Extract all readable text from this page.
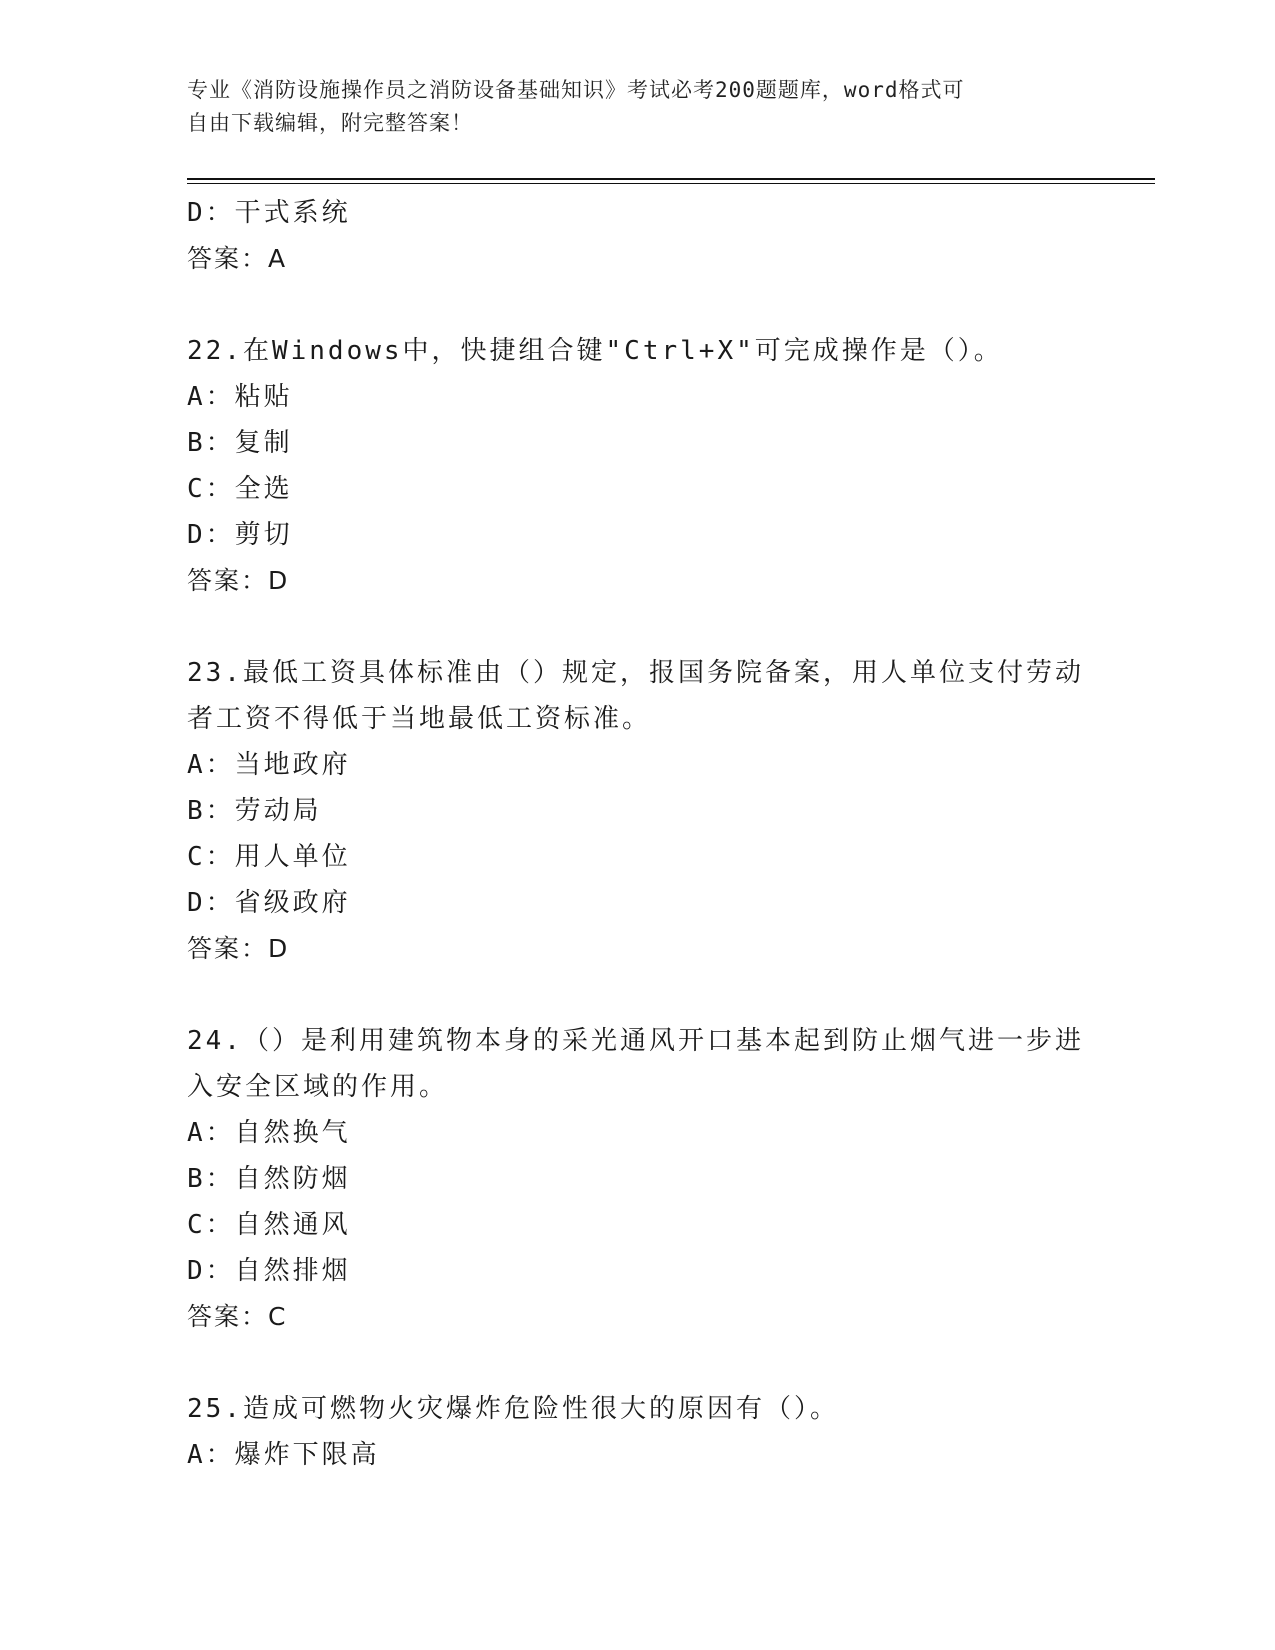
专业《消防设施操作员之消防设备基础知识》考试必考200题题库，word格式可
自由下载编辑，附完整答案！
D：干式系统
答案：A
22.在Windows中，快捷组合键"Ctrl+X"可完成操作是（）。
A：粘贴
B：复制
C：全选
D：剪切
答案：D
23.最低工资具体标准由（）规定，报国务院备案，用人单位支付劳动
者工资不得低于当地最低工资标准。
A：当地政府
B：劳动局
C：用人单位
D：省级政府
答案：D
24.（）是利用建筑物本身的采光通风开口基本起到防止烟气进一步进
入安全区域的作用。
A：自然换气
B：自然防烟
C：自然通风
D：自然排烟
答案：C
25.造成可燃物火灾爆炸危险性很大的原因有（）。
A：爆炸下限高
